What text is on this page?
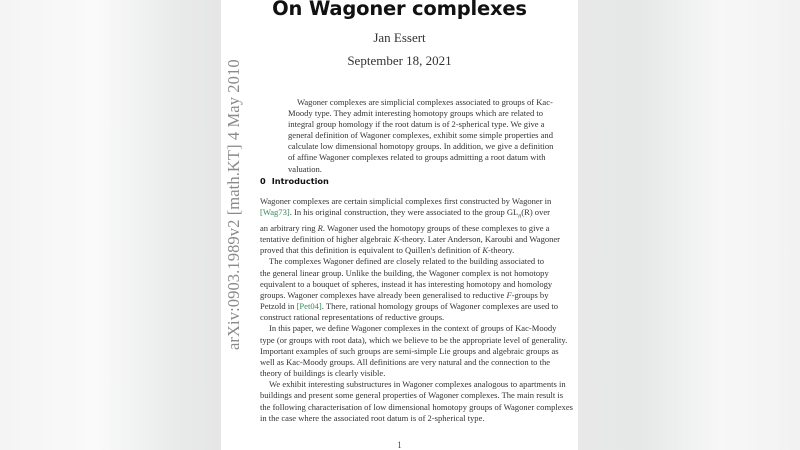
arXiv:0903.1989v2 [math.KT] 4 May 2010
On Wagoner complexes
Jan Essert
September 18, 2021
Wagoner complexes are simplicial complexes associated to groups of Kac-
Moody type. They admit interesting homotopy groups which are related to
integral group homology if the root datum is of 2-spherical type. We give a
general definition of Wagoner complexes, exhibit some simple properties and
calculate low dimensional homotopy groups. In addition, we give a definition
of affine Wagoner complexes related to groups admitting a root datum with
valuation.
0 Introduction
Wagoner complexes are certain simplicial complexes first constructed by Wagoner in
[Wag73]. In his original construction, they were associated to the group $GL_n(R)$ over
an arbitrary ring R. Wagoner used the homotopy groups of these complexes to give a
tentative definition of higher algebraic K-theory. Later Anderson, Karoubi and Wagoner
proved that this definition is equivalent to Quillen's definition of K-theory.
The complexes Wagoner defined are closely related to the building associated to
the general linear group. Unlike the building, the Wagoner complex is not homotopy
equivalent to a bouquet of spheres, instead it has interesting homotopy and homology
groups. Wagoner complexes have already been generalised to reductive F-groups by
Petzold in [Pet04]. There, rational homology groups of Wagoner complexes are used to
construct rational representations of reductive groups.
In this paper, we define Wagoner complexes in the context of groups of Kac-Moody
type (or groups with root data), which we believe to be the appropriate level of generality.
Important examples of such groups are semi-simple Lie groups and algebraic groups as
well as Kac-Moody groups. All definitions are very natural and the connection to the
theory of buildings is clearly visible.
We exhibit interesting substructures in Wagoner complexes analogous to apartments in
buildings and present some general properties of Wagoner complexes. The main result is
the following characterisation of low dimensional homotopy groups of Wagoner complexes
in the case where the associated root datum is of 2-spherical type.
1
